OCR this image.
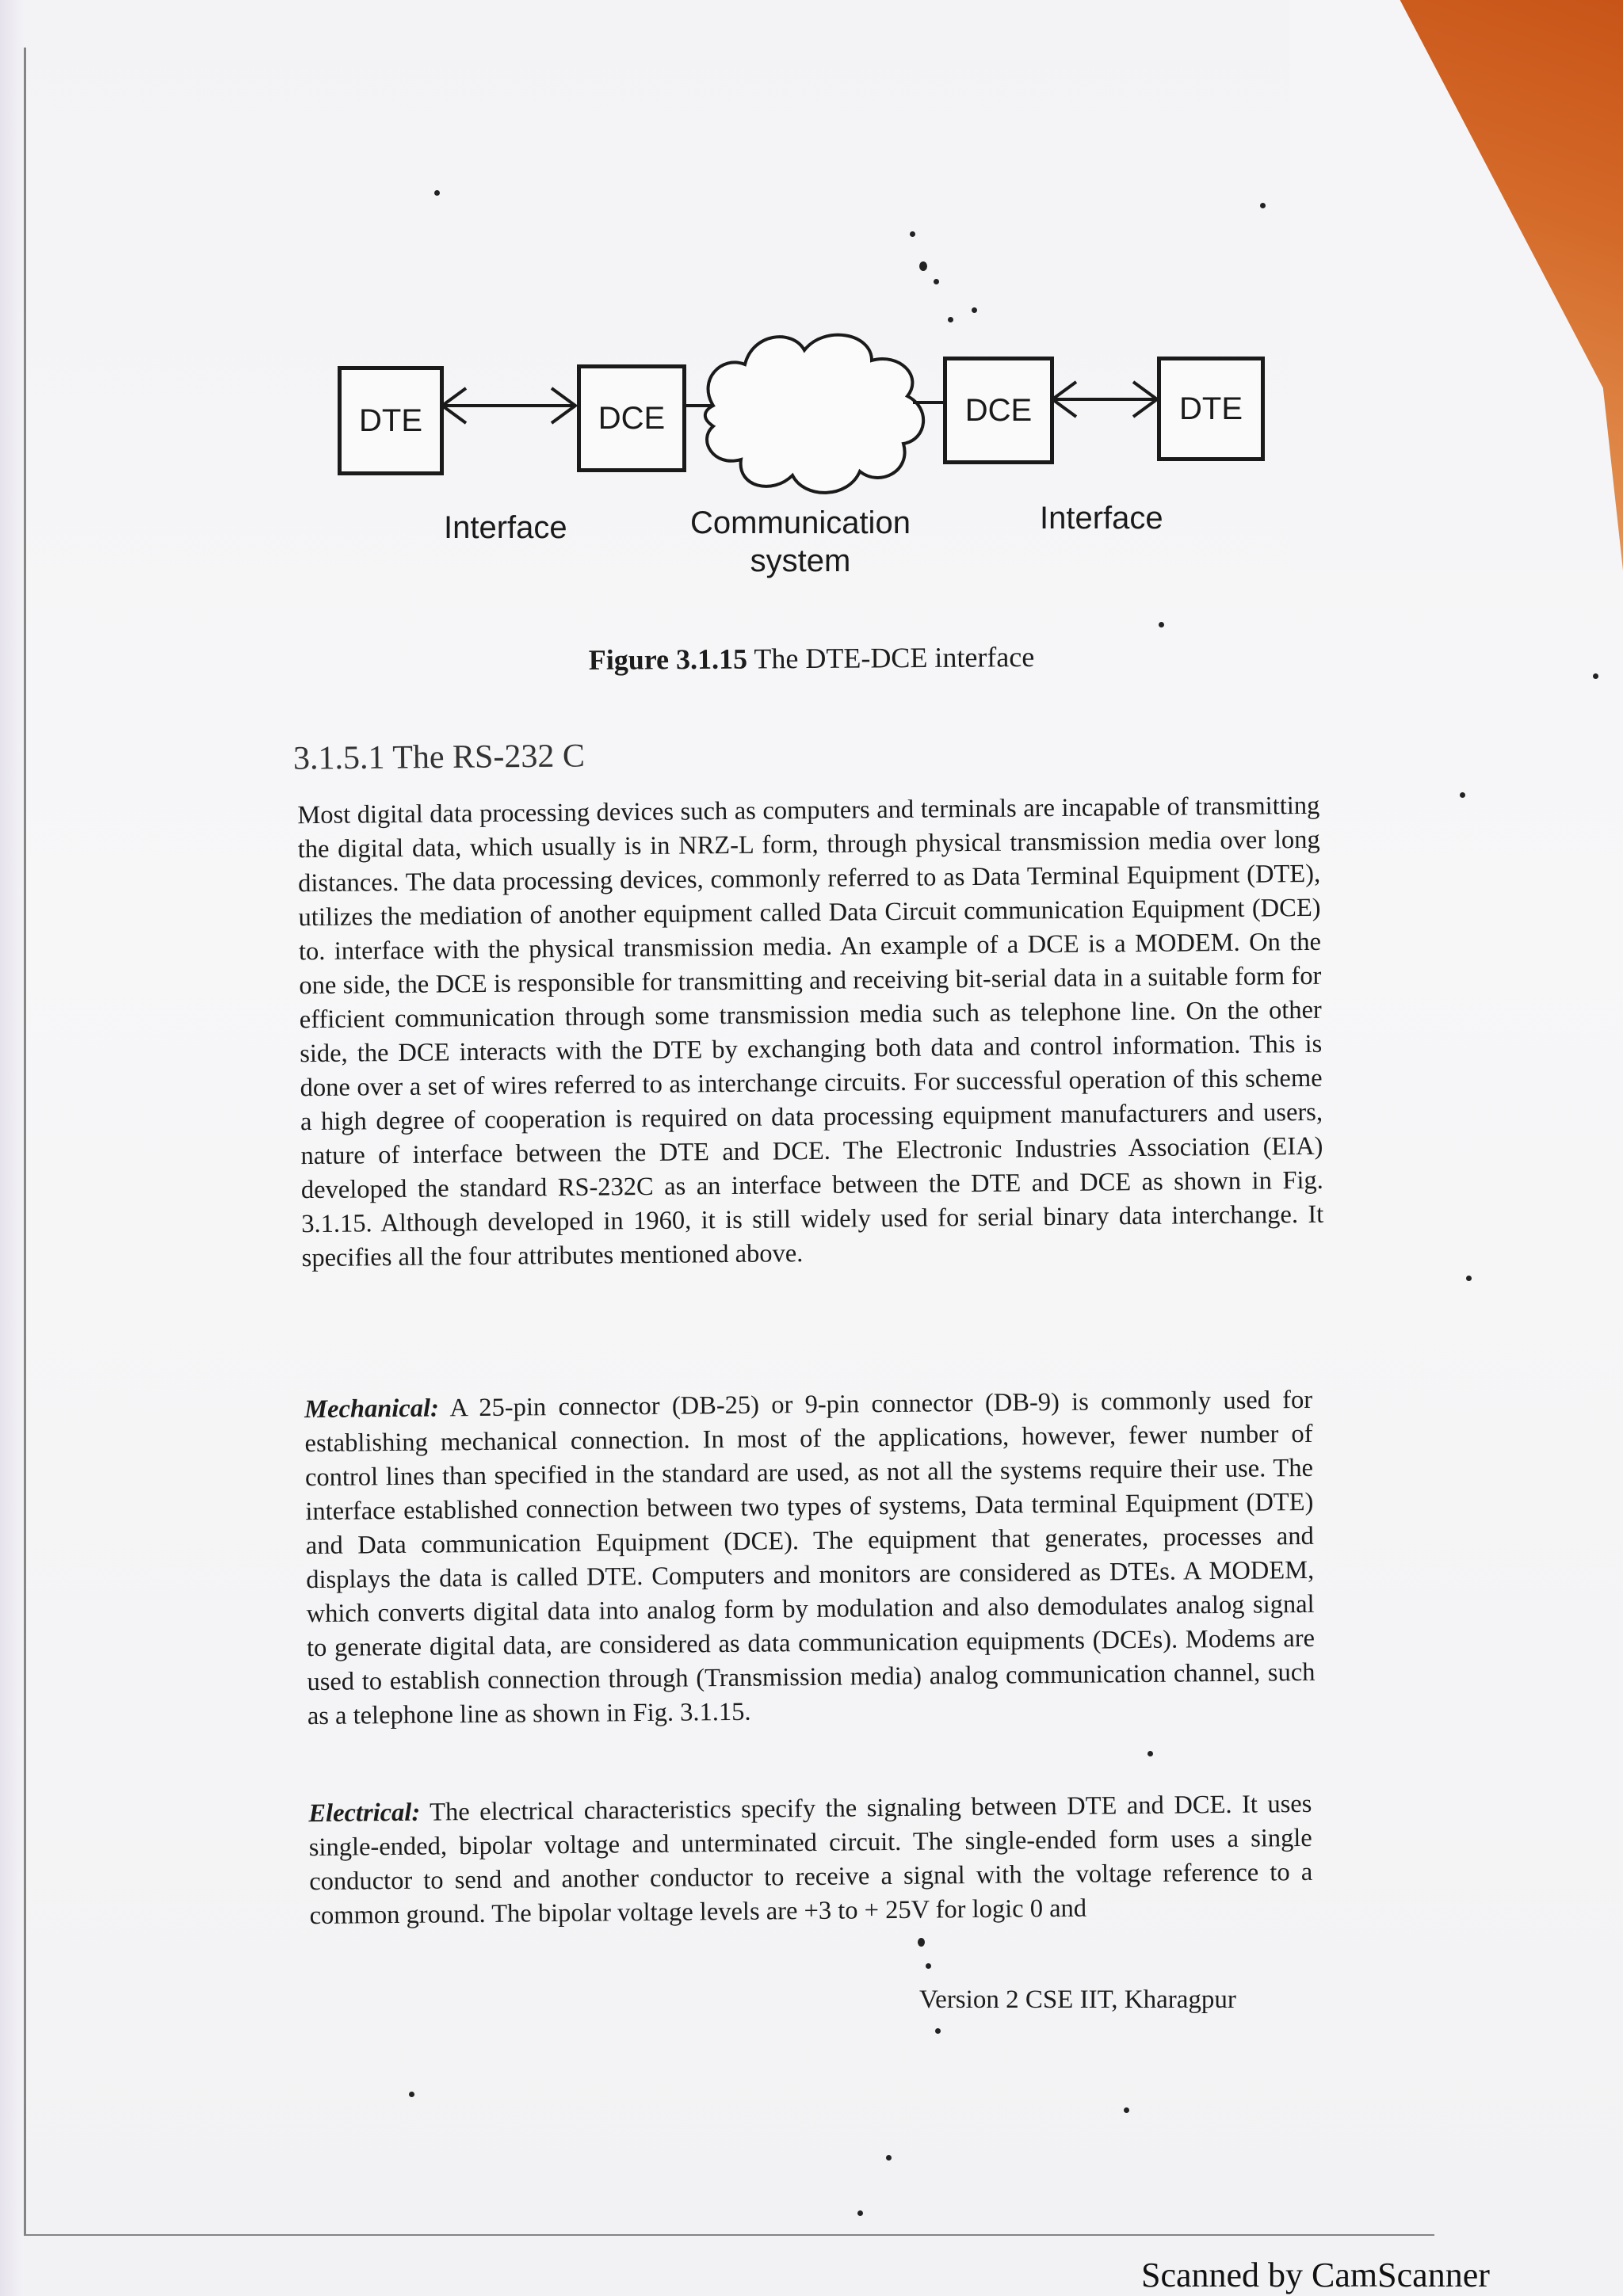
DTE	DCE	DCE	DTE
Interface	Communication
system
Interface
Figure 3.1.15 The DTE-DCE interface
3.1.5.1 The RS-232 C

Most digital data processing devices such as computers and terminals are incapable of transmitting the digital data, which usually is in NRZ-L form, through physical transmission media over long distances. The data processing devices, commonly referred to as Data Terminal Equipment (DTE), utilizes the mediation of another equipment called Data Circuit communication Equipment (DCE) to. interface with the physical transmission media. An example of a DCE is a MODEM. On the one side, the DCE is responsible for transmitting and receiving bit-serial data in a suitable form for efficient communication through some transmission media such as telephone line. On the other side, the DCE interacts with the DTE by exchanging both data and control information. This is done over a set of wires referred to as interchange circuits. For successful operation of this scheme a high degree of cooperation is required on data processing equipment manufacturers and users, nature of interface between the DTE and DCE. The Electronic Industries Association (EIA) developed the standard RS-232C as an interface between the DTE and DCE as shown in Fig. 3.1.15. Although developed in 1960, it is still widely used for serial binary data interchange. It specifies all the four attributes mentioned above.

Mechanical: A 25-pin connector (DB-25) or 9-pin connector (DB-9) is commonly used for establishing mechanical connection. In most of the applications, however, fewer number of control lines than specified in the standard are used, as not all the systems require their use. The interface established connection between two types of systems, Data terminal Equipment (DTE) and Data communication Equipment (DCE). The equipment that generates, processes and displays the data is called DTE. Computers and monitors are considered as DTEs. A MODEM, which converts digital data into analog form by modulation and also demodulates analog signal to generate digital data, are considered as data communication equipments (DCEs). Modems are used to establish connection through (Transmission media) analog communication channel, such as a telephone line as shown in Fig. 3.1.15.

Electrical: The electrical characteristics specify the signaling between DTE and DCE. It uses single-ended, bipolar voltage and unterminated circuit. The single-ended form uses a single conductor to send and another conductor to receive a signal with the voltage reference to a common ground. The bipolar voltage levels are +3 to + 25V for logic 0 and

Version 2 CSE IIT, Kharagpur
Scanned by CamScanner
